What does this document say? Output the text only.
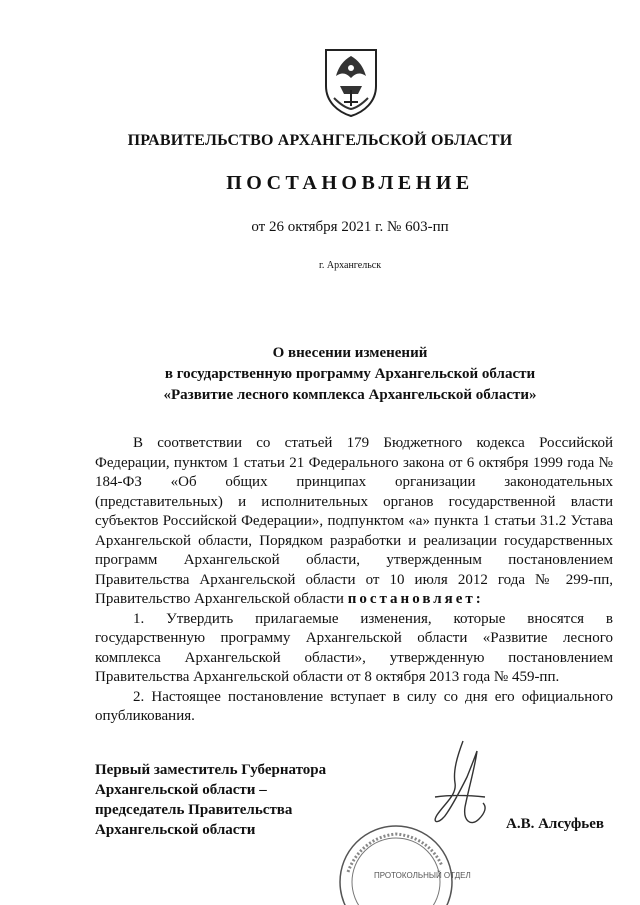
ПРАВИТЕЛЬСТВО АРХАНГЕЛЬСКОЙ ОБЛАСТИ
ПОСТАНОВЛЕНИЕ
от 26 октября 2021 г. № 603-пп
г. Архангельск
О внесении изменений
в государственную программу Архангельской области
«Развитие лесного комплекса Архангельской области»

В соответствии со статьей 179 Бюджетного кодекса Российской Федерации, пунктом 1 статьи 21 Федерального закона от 6 октября 1999 года № 184-ФЗ «Об общих принципах организации законодательных (представительных) и исполнительных органов государственной власти субъектов Российской Федерации», подпунктом «а» пункта 1 статьи 31.2 Устава Архангельской области, Порядком разработки и реализации государственных программ Архангельской области, утвержденным постановлением Правительства Архангельской области от 10 июля 2012 года № 299-пп, Правительство Архангельской области постановляет:

1. Утвердить прилагаемые изменения, которые вносятся в государственную программу Архангельской области «Развитие лесного комплекса Архангельской области», утвержденную постановлением Правительства Архангельской области от 8 октября 2013 года № 459-пп.

2. Настоящее постановление вступает в силу со дня его официального опубликования.

Первый заместитель Губернатора
Архангельской области –
председатель Правительства
Архангельской области
ПРОТОКОЛЬНЫЙ ОТДЕЛ
А.В. Алсуфьев
